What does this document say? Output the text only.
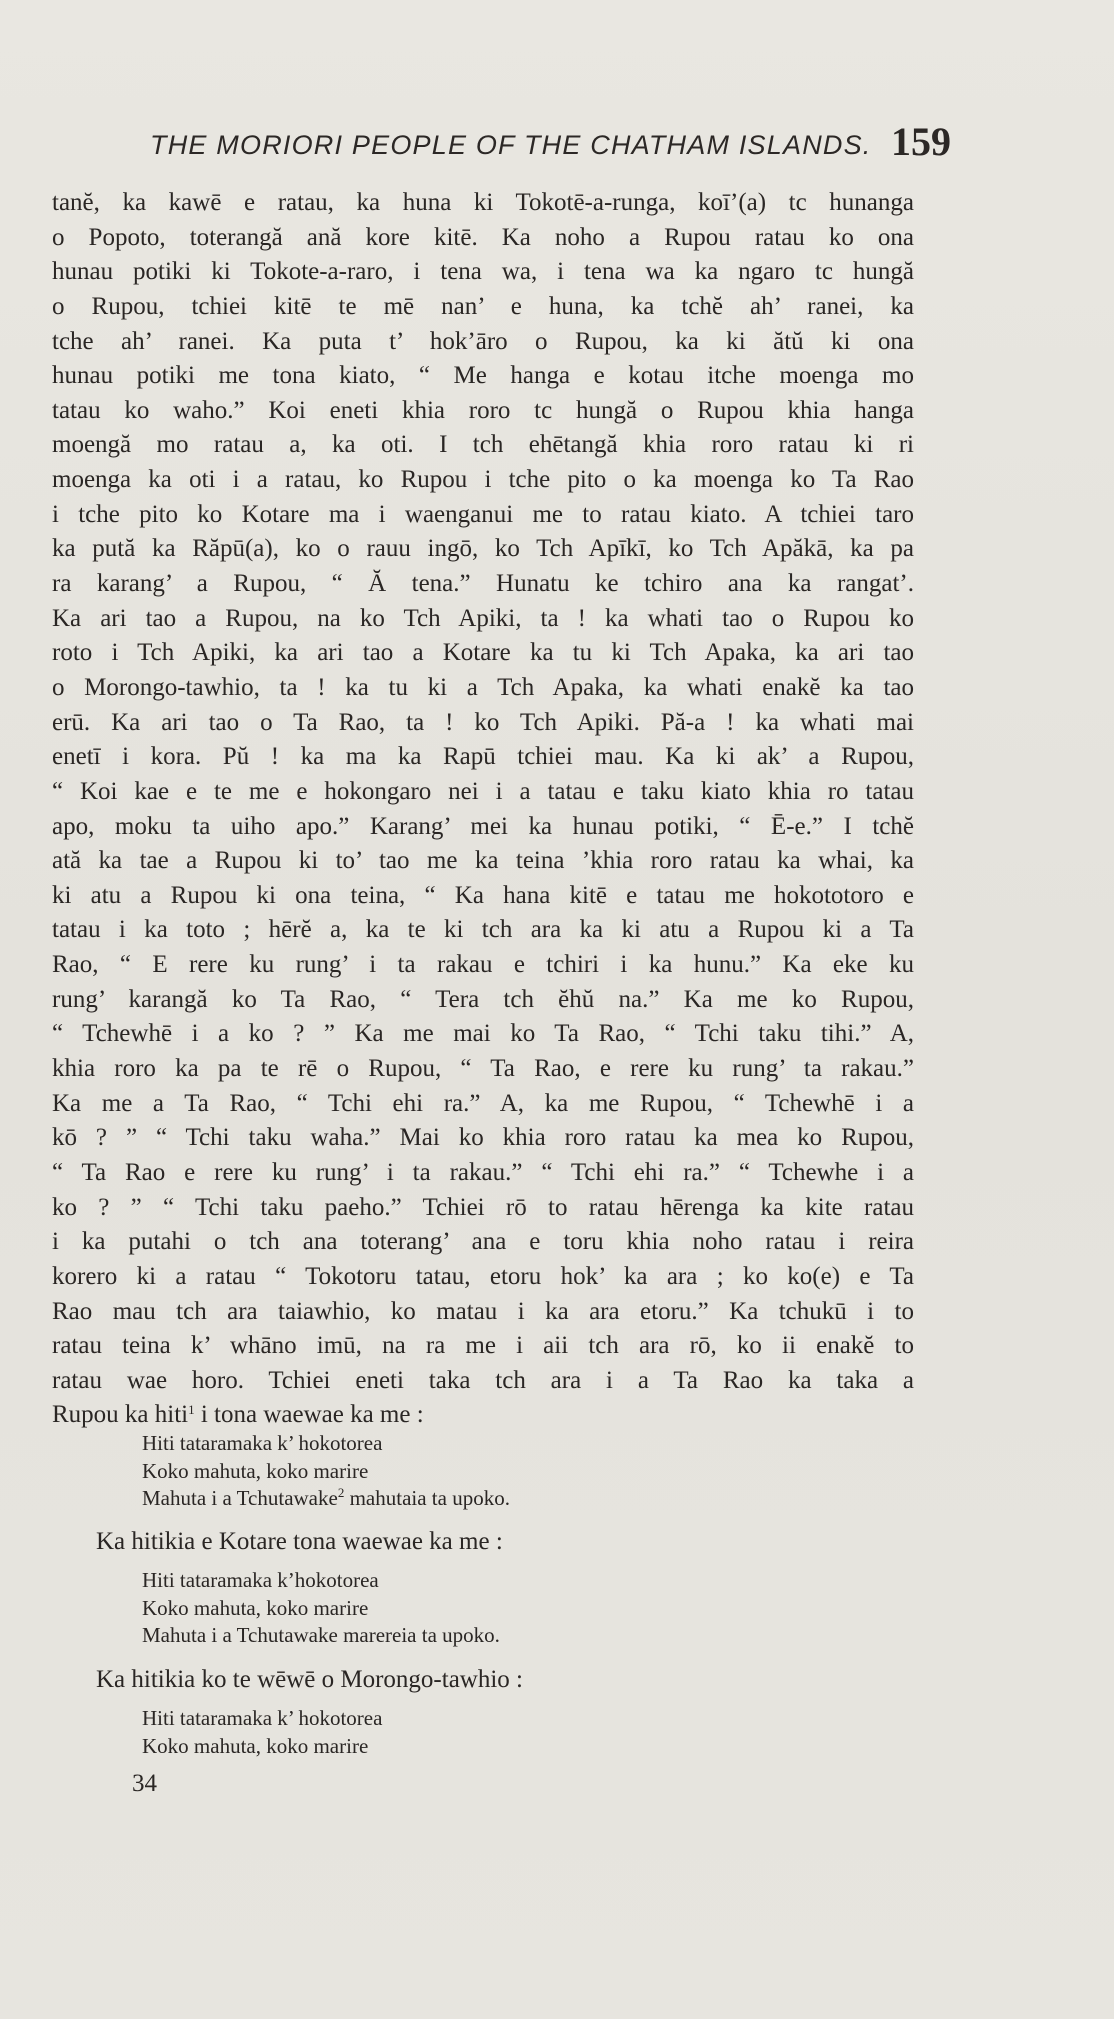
THE MORIORI PEOPLE OF THE CHATHAM ISLANDS. 159
tanĕ, ka kawē e ratau, ka huna ki Tokotē-a-runga, koī’(a) tc hunanga
o Popoto, toterangă ană kore kitē. Ka noho a Rupou ratau ko ona
hunau potiki ki Tokote-a-raro, i tena wa, i tena wa ka ngaro tc hungă
o Rupou, tchiei kitē te mē nan’ e huna, ka tchĕ ah’ ranei, ka
tche ah’ ranei. Ka puta t’ hok’āro o Rupou, ka ki ătŭ ki ona
hunau potiki me tona kiato, “ Me hanga e kotau itche moenga mo
tatau ko waho.” Koi eneti khia roro tc hungă o Rupou khia hanga
moengă mo ratau a, ka oti. I tch ehētangă khia roro ratau ki ri
moenga ka oti i a ratau, ko Rupou i tche pito o ka moenga ko Ta Rao
i tche pito ko Kotare ma i waenganui me to ratau kiato. A tchiei taro
ka pută ka Răpū(a), ko o rauu ingō, ko Tch Apīkī, ko Tch Apăkā, ka pa
ra karang’ a Rupou, “ Ă tena.” Hunatu ke tchiro ana ka rangat’.
Ka ari tao a Rupou, na ko Tch Apiki, ta ! ka whati tao o Rupou ko
roto i Tch Apiki, ka ari tao a Kotare ka tu ki Tch Apaka, ka ari tao
o Morongo-tawhio, ta ! ka tu ki a Tch Apaka, ka whati enakĕ ka tao
erū. Ka ari tao o Ta Rao, ta ! ko Tch Apiki. Pă-a ! ka whati mai
enetī i kora. Pŭ ! ka ma ka Rapū tchiei mau. Ka ki ak’ a Rupou,
“ Koi kae e te me e hokongaro nei i a tatau e taku kiato khia ro tatau
apo, moku ta uiho apo.” Karang’ mei ka hunau potiki, “ Ē-e.” I tchĕ
ată ka tae a Rupou ki to’ tao me ka teina ’khia roro ratau ka whai, ka
ki atu a Rupou ki ona teina, “ Ka hana kitē e tatau me hokototoro e
tatau i ka toto ; hērĕ a, ka te ki tch ara ka ki atu a Rupou ki a Ta
Rao, “ E rere ku rung’ i ta rakau e tchiri i ka hunu.” Ka eke ku
rung’ karangă ko Ta Rao, “ Tera tch ĕhŭ na.” Ka me ko Rupou,
“ Tchewhē i a ko ? ” Ka me mai ko Ta Rao, “ Tchi taku tihi.” A,
khia roro ka pa te rē o Rupou, “ Ta Rao, e rere ku rung’ ta rakau.”
Ka me a Ta Rao, “ Tchi ehi ra.” A, ka me Rupou, “ Tchewhē i a
kō ? ” “ Tchi taku waha.” Mai ko khia roro ratau ka mea ko Rupou,
“ Ta Rao e rere ku rung’ i ta rakau.” “ Tchi ehi ra.” “ Tchewhe i a
ko ? ” “ Tchi taku paeho.” Tchiei rō to ratau hērenga ka kite ratau
i ka putahi o tch ana toterang’ ana e toru khia noho ratau i reira
korero ki a ratau “ Tokotoru tatau, etoru hok’ ka ara ; ko ko(e) e Ta
Rao mau tch ara taiawhio, ko matau i ka ara etoru.” Ka tchukū i to
ratau teina k’ whāno imū, na ra me i aii tch ara rō, ko ii enakĕ to
ratau wae horo. Tchiei eneti taka tch ara i a Ta Rao ka taka a
Rupou ka hiti$^1$ i tona waewae ka me :
Hiti tataramaka k’ hokotorea
Koko mahuta, koko marire
Mahuta i a Tchutawake$^2$ mahutaia ta upoko.

Ka hitikia e Kotare tona waewae ka me :

Hiti tataramaka k’hokotorea
Koko mahuta, koko marire
Mahuta i a Tchutawake marereia ta upoko.

Ka hitikia ko te wēwē o Morongo-tawhio :

Hiti tataramaka k’ hokotorea
Koko mahuta, koko marire
34
